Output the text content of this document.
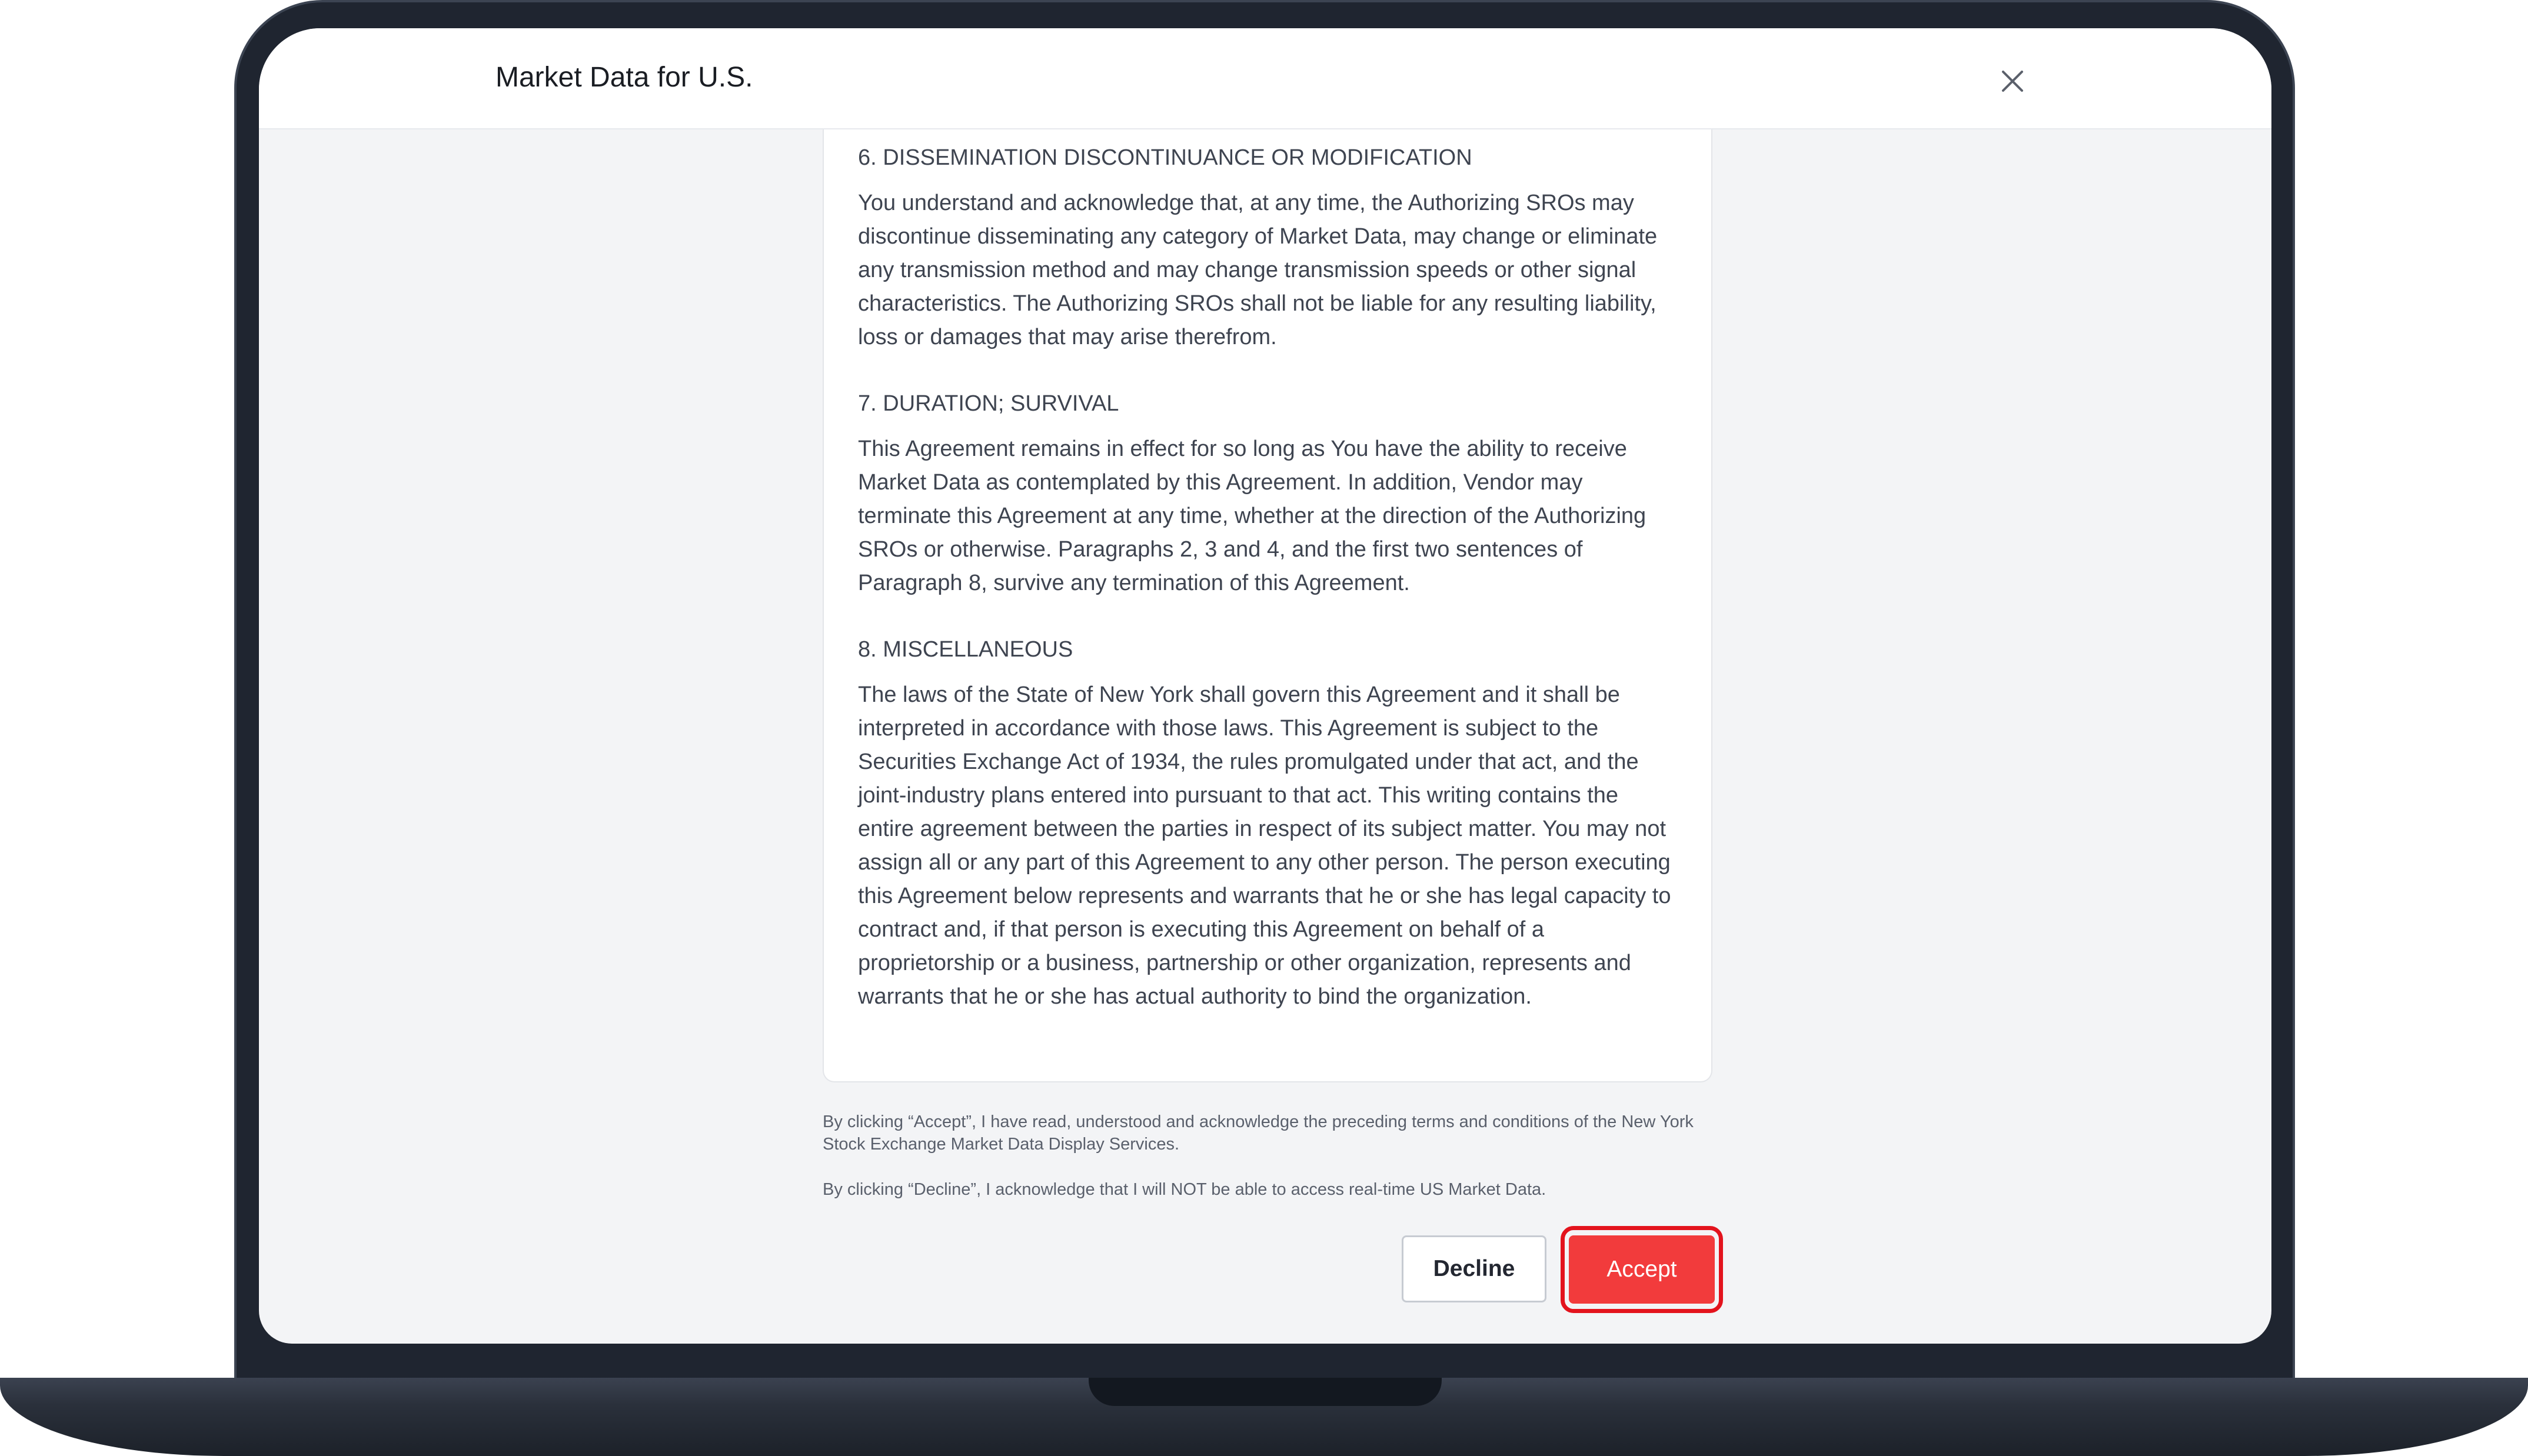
Market Data for U.S.

6. DISSEMINATION DISCONTINUANCE OR MODIFICATION

You understand and acknowledge that, at any time, the Authorizing SROs may discontinue disseminating any category of Market Data, may change or eliminate any transmission method and may change transmission speeds or other signal characteristics. The Authorizing SROs shall not be liable for any resulting liability, loss or damages that may arise therefrom.

7. DURATION; SURVIVAL

This Agreement remains in effect for so long as You have the ability to receive Market Data as contemplated by this Agreement. In addition, Vendor may terminate this Agreement at any time, whether at the direction of the Authorizing SROs or otherwise. Paragraphs 2, 3 and 4, and the first two sentences of Paragraph 8, survive any termination of this Agreement.

8. MISCELLANEOUS

The laws of the State of New York shall govern this Agreement and it shall be interpreted in accordance with those laws. This Agreement is subject to the Securities Exchange Act of 1934, the rules promulgated under that act, and the joint-industry plans entered into pursuant to that act. This writing contains the entire agreement between the parties in respect of its subject matter. You may not assign all or any part of this Agreement to any other person. The person executing this Agreement below represents and warrants that he or she has legal capacity to contract and, if that person is executing this Agreement on behalf of a proprietorship or a business, partnership or other organization, represents and warrants that he or she has actual authority to bind the organization.

By clicking “Accept”, I have read, understood and acknowledge the preceding terms and conditions of the New York Stock Exchange Market Data Display Services.
By clicking “Decline”, I acknowledge that I will NOT be able to access real-time US Market Data.
Decline	Accept
